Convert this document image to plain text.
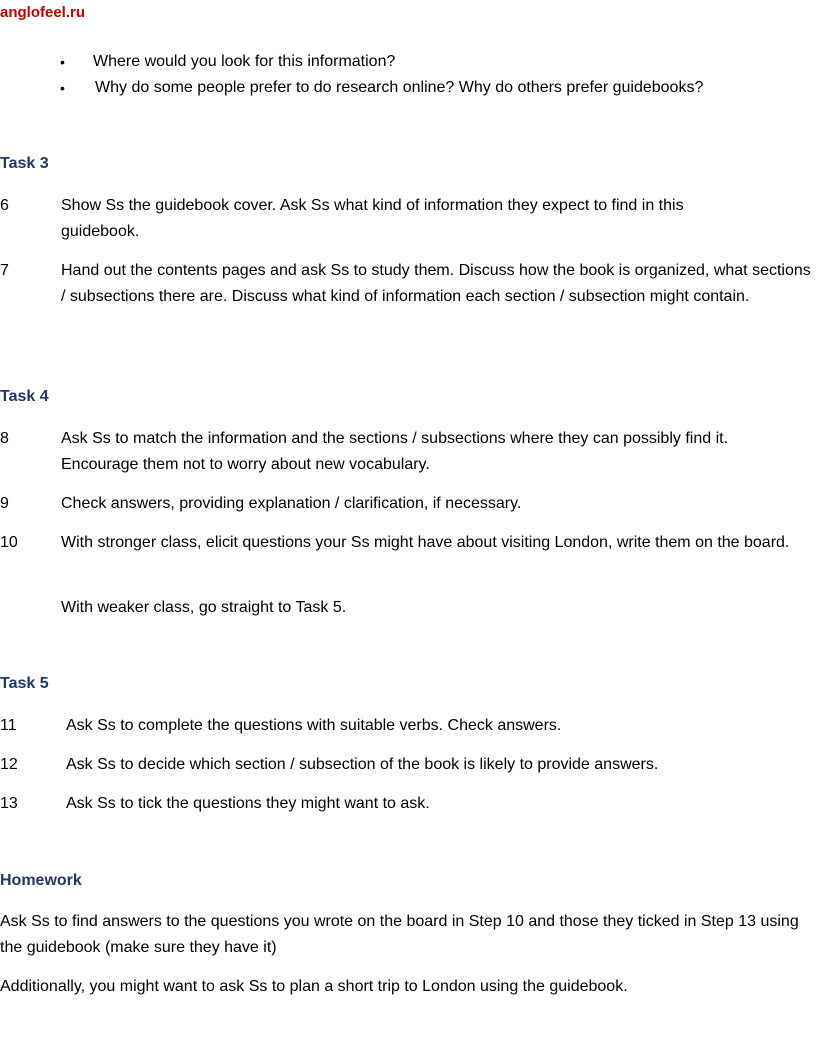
anglofeel.ru
• Where would you look for this information?
• Why do some people prefer to do research online? Why do others prefer guidebooks?
Task 3
6	Show Ss the guidebook cover. Ask Ss what kind of information they expect to find in this guidebook.
7	Hand out the contents pages and ask Ss to study them. Discuss how the book is organized, what sections / subsections there are. Discuss what kind of information each section / subsection might contain.
Task 4
8	Ask Ss to match the information and the sections / subsections where they can possibly find it. Encourage them not to worry about new vocabulary.
9	Check answers, providing explanation / clarification, if necessary.
10	With stronger class, elicit questions your Ss might have about visiting London, write them on the board.
With weaker class, go straight to Task 5.
Task 5
11	Ask Ss to complete the questions with suitable verbs. Check answers.
12	Ask Ss to decide which section / subsection of the book is likely to provide answers.
13	Ask Ss to tick the questions they might want to ask.
Homework
Ask Ss to find answers to the questions you wrote on the board in Step 10 and those they ticked in Step 13 using the guidebook (make sure they have it)
Additionally, you might want to ask Ss to plan a short trip to London using the guidebook.
